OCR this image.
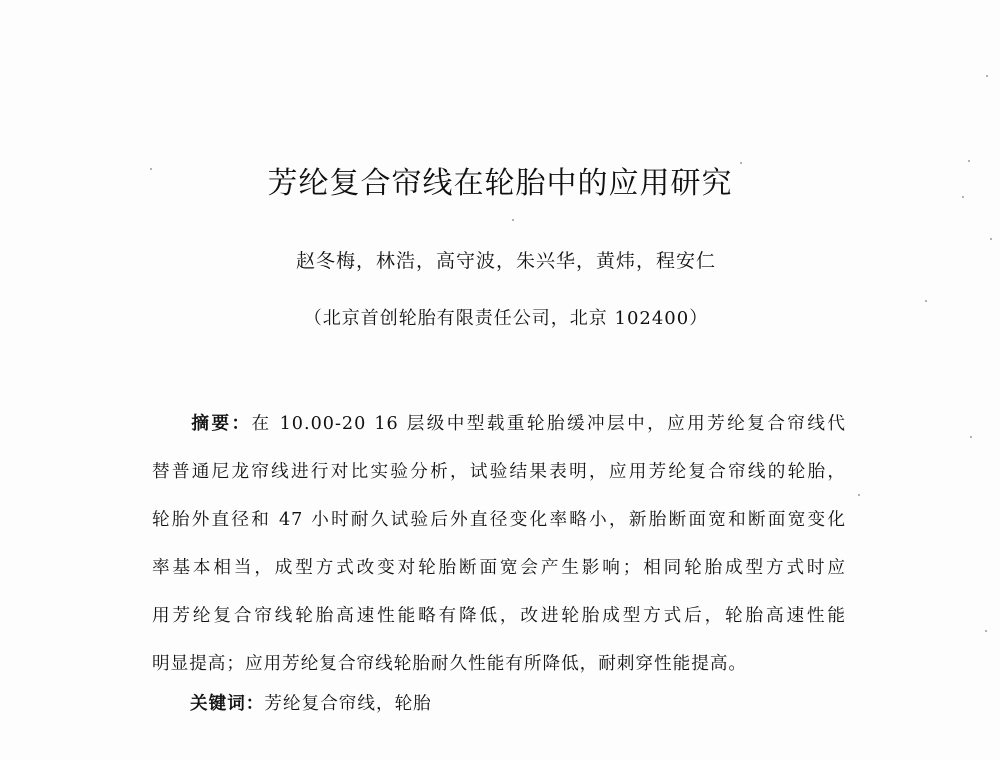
芳纶复合帘线在轮胎中的应用研究
赵冬梅，林浩，高守波，朱兴华，黄炜，程安仁
（北京首创轮胎有限责任公司，北京 102400）
摘要：在 10.00-20 16 层级中型载重轮胎缓冲层中，应用芳纶复合帘线代
替普通尼龙帘线进行对比实验分析，试验结果表明，应用芳纶复合帘线的轮胎，
轮胎外直径和 47 小时耐久试验后外直径变化率略小，新胎断面宽和断面宽变化
率基本相当，成型方式改变对轮胎断面宽会产生影响；相同轮胎成型方式时应
用芳纶复合帘线轮胎高速性能略有降低，改进轮胎成型方式后，轮胎高速性能
明显提高；应用芳纶复合帘线轮胎耐久性能有所降低，耐刺穿性能提高。
关键词：芳纶复合帘线，轮胎
